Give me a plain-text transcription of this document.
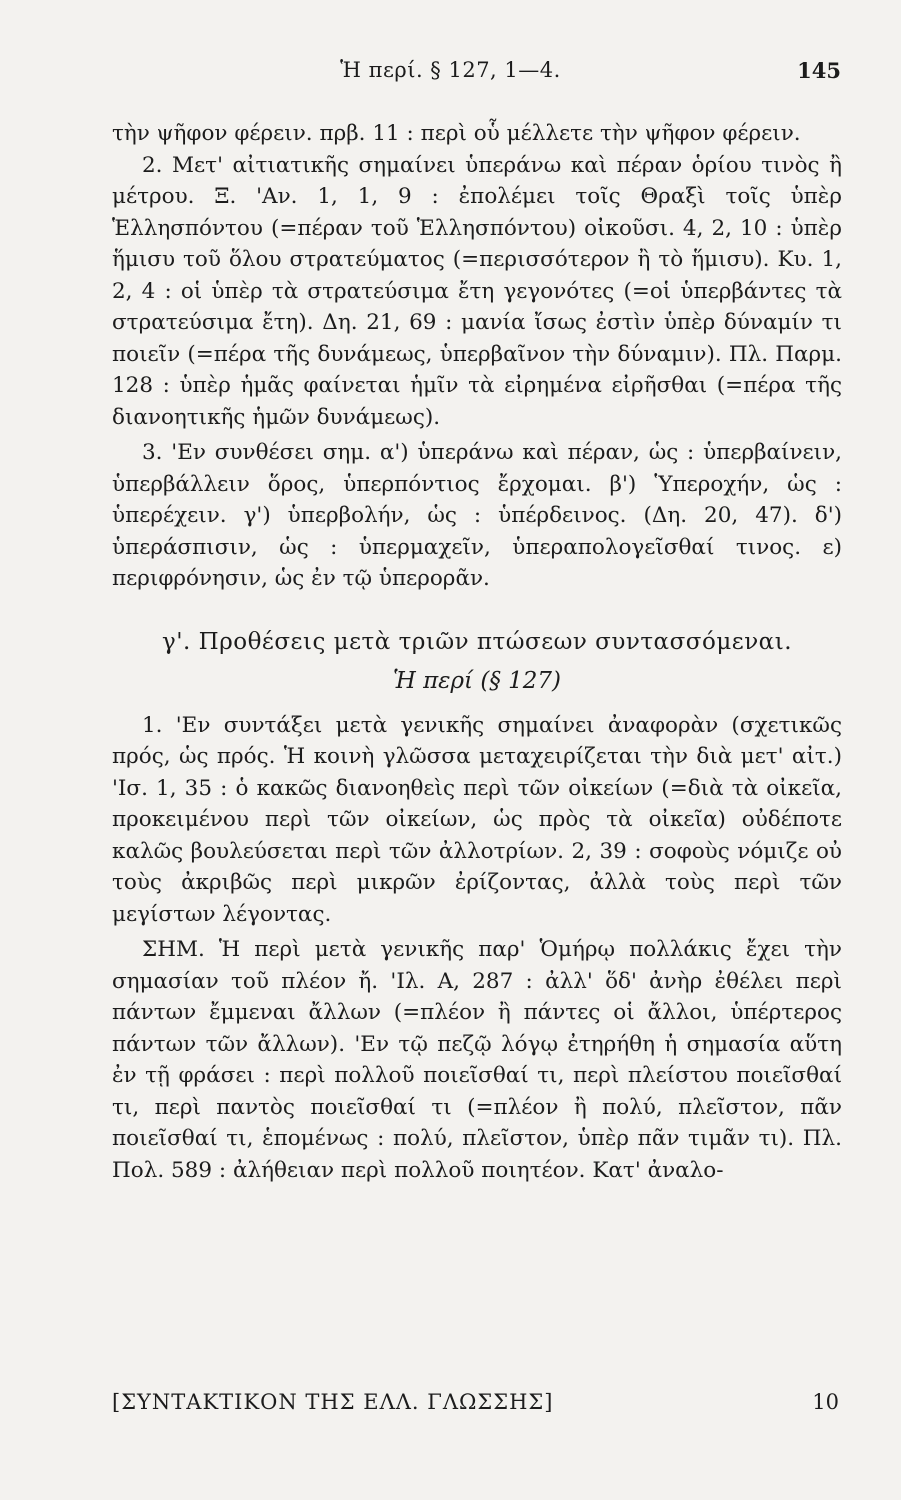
Ἡ περί. § 127, 1—4.	145

τὴν ψῆφον φέρειν. πρβ. 11 : περὶ οὗ μέλλετε τὴν ψῆφον φέρειν.

2. Μετ' αἰτιατικῆς σημαίνει ὑπεράνω καὶ πέραν ὁρίου τινὸς ἢ μέτρου. Ξ. 'Αν. 1, 1, 9 : ἐπολέμει τοῖς Θραξὶ τοῖς ὑπὲρ Ἑλλησπόντου (=πέραν τοῦ Ἑλλησπόντου) οἰκοῦσι. 4, 2, 10 : ὑπὲρ ἥμισυ τοῦ ὅλου στρατεύματος (=περισσότερον ἢ τὸ ἥμισυ). Κυ. 1, 2, 4 : οἱ ὑπὲρ τὰ στρατεύσιμα ἔτη γεγονότες (=οἱ ὑπερβάντες τὰ στρατεύσιμα ἔτη). Δη. 21, 69 : μανία ἴσως ἐστὶν ὑπὲρ δύναμίν τι ποιεῖν (=πέρα τῆς δυνάμεως, ὑπερβαῖνον τὴν δύναμιν). Πλ. Παρμ. 128 : ὑπὲρ ἡμᾶς φαίνεται ἡμῖν τὰ εἰρημένα εἰρῆσθαι (=πέρα τῆς διανοητικῆς ἡμῶν δυνάμεως).

3. 'Εν συνθέσει σημ. α') ὑπεράνω καὶ πέραν, ὡς : ὑπερβαίνειν, ὑπερβάλλειν ὅρος, ὑπερπόντιος ἔρχομαι. β') Ὑπεροχήν, ὡς : ὑπερέχειν. γ') ὑπερβολήν, ὡς : ὑπέρδεινος. (Δη. 20, 47). δ') ὑπεράσπισιν, ὡς : ὑπερμαχεῖν, ὑπεραπολογεῖσθαί τινος. ε) περιφρόνησιν, ὡς ἐν τῷ ὑπερορᾶν.

γ'. Προθέσεις μετὰ τριῶν πτώσεων συντασσόμεναι.
Ἡ περί (§ 127)

1. 'Εν συντάξει μετὰ γενικῆς σημαίνει ἀναφορὰν (σχετικῶς πρός, ὡς πρός. Ἡ κοινὴ γλῶσσα μεταχειρίζεται τὴν διὰ μετ' αἰτ.) 'Ισ. 1, 35 : ὁ κακῶς διανοηθεὶς περὶ τῶν οἰκείων (=διὰ τὰ οἰκεῖα, προκειμένου περὶ τῶν οἰκείων, ὡς πρὸς τὰ οἰκεῖα) οὐδέποτε καλῶς βουλεύσεται περὶ τῶν ἀλλοτρίων. 2, 39 : σοφοὺς νόμιζε οὐ τοὺς ἀκριβῶς περὶ μικρῶν ἐρίζοντας, ἀλλὰ τοὺς περὶ τῶν μεγίστων λέγοντας.

ΣΗΜ. Ἡ περὶ μετὰ γενικῆς παρ' Ὁμήρῳ πολλάκις ἔχει τὴν σημασίαν τοῦ πλέον ἤ. 'Ιλ. Α, 287 : ἀλλ' ὅδ' ἀνὴρ ἐθέλει περὶ πάντων ἔμμεναι ἄλλων (=πλέον ἢ πάντες οἱ ἄλλοι, ὑπέρτερος πάντων τῶν ἄλλων). 'Εν τῷ πεζῷ λόγῳ ἐτηρήθη ἡ σημασία αὕτη ἐν τῇ φράσει : περὶ πολλοῦ ποιεῖσθαί τι, περὶ πλείστου ποιεῖσθαί τι, περὶ παντὸς ποιεῖσθαί τι (=πλέον ἢ πολύ, πλεῖστον, πᾶν ποιεῖσθαί τι, ἑπομένως : πολύ, πλεῖστον, ὑπὲρ πᾶν τιμᾶν τι). Πλ. Πολ. 589 : ἀλήθειαν περὶ πολλοῦ ποιητέον. Κατ' ἀναλο-

[ΣΥΝΤΑΚΤΙΚΟΝ ΤΗΣ ΕΛΛ. ΓΛΩΣΣΗΣ]	10
